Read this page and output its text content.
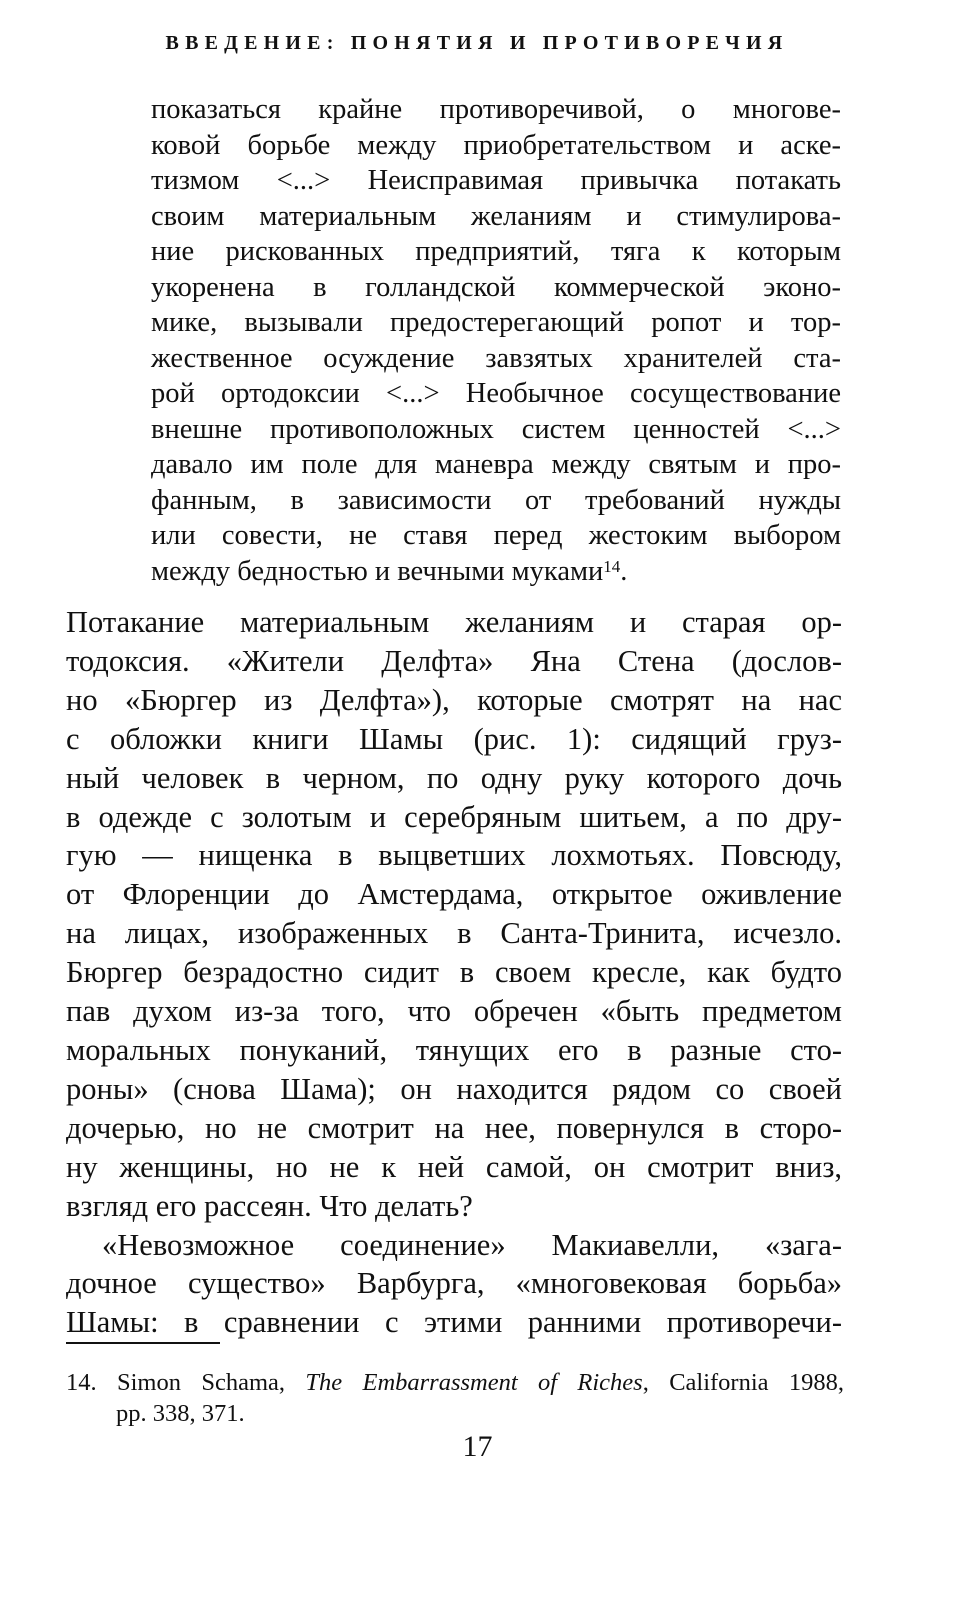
ВВЕДЕНИЕ: ПОНЯТИЯ И ПРОТИВОРЕЧИЯ
показаться крайне противоречивой, о многове-
ковой борьбе между приобретательством и аске-
тизмом <...> Неисправимая привычка потакать
своим материальным желаниям и стимулирова-
ние рискованных предприятий, тяга к которым
укоренена в голландской коммерческой эконо-
мике, вызывали предостерегающий ропот и тор-
жественное осуждение завзятых хранителей ста-
рой ортодоксии <...> Необычное сосуществование
внешне противоположных систем ценностей <...>
давало им поле для маневра между святым и про-
фанным, в зависимости от требований нужды
или совести, не ставя перед жестоким выбором
между бедностью и вечными муками$^{14}$.
Потакание материальным желаниям и старая ор-
тодоксия. «Жители Делфта» Яна Стена (дослов-
но «Бюргер из Делфта»), которые смотрят на нас
с обложки книги Шамы (рис. 1): сидящий груз-
ный человек в черном, по одну руку которого дочь
в одежде с золотым и серебряным шитьем, а по дру-
гую — нищенка в выцветших лохмотьях. Повсюду,
от Флоренции до Амстердама, открытое оживление
на лицах, изображенных в Санта-Тринита, исчезло.
Бюргер безрадостно сидит в своем кресле, как будто
пав духом из-за того, что обречен «быть предметом
моральных понуканий, тянущих его в разные сто-
роны» (снова Шама); он находится рядом со своей
дочерью, но не смотрит на нее, повернулся в сторо-
ну женщины, но не к ней самой, он смотрит вниз,
взгляд его рассеян. Что делать?
«Невозможное соединение» Макиавелли, «зага-
дочное существо» Варбурга, «многовековая борьба»
Шамы: в сравнении с этими ранними противоречи-
14. Simon Schama, The Embarrassment of Riches, California 1988,
pp. 338, 371.
17
